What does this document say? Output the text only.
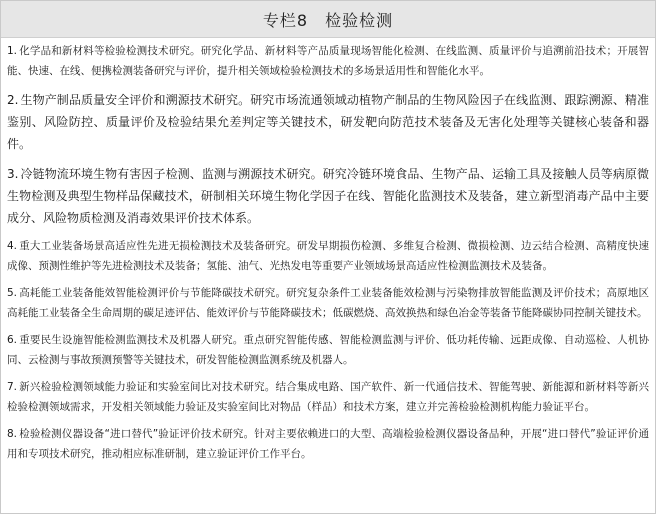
专栏8　检验检测

1. 化学品和新材料等检验检测技术研究。研究化学品、新材料等产品质量现场智能化检测、在线监测、质量评价与追溯前沿技术；开展智能、快速、在线、便携检测装备研究与评价，提升相关领域检验检测技术的多场景适用性和智能化水平。

2. 生物产制品质量安全评价和溯源技术研究。研究市场流通领域动植物产制品的生物风险因子在线监测、跟踪溯源、精准鉴别、风险防控、质量评价及检验结果允差判定等关键技术，研发靶向防范技术装备及无害化处理等关键核心装备和器件。

3. 冷链物流环境生物有害因子检测、监测与溯源技术研究。研究冷链环境食品、生物产品、运输工具及接触人员等病原微生物检测及典型生物样品保藏技术，研制相关环境生物化学因子在线、智能化监测技术及装备，建立新型消毒产品中主要成分、风险物质检测及消毒效果评价技术体系。

4. 重大工业装备场景高适应性先进无损检测技术及装备研究。研发早期损伤检测、多维复合检测、微损检测、边云结合检测、高精度快速成像、预测性维护等先进检测技术及装备；氢能、油气、光热发电等重要产业领域场景高适应性检测监测技术及装备。

5. 高耗能工业装备能效智能检测评价与节能降碳技术研究。研究复杂条件工业装备能效检测与污染物排放智能监测及评价技术；高原地区高耗能工业装备全生命周期的碳足迹评估、能效评价与节能降碳技术；低碳燃烧、高效换热和绿色冶金等装备节能降碳协同控制关键技术。

6. 重要民生设施智能检测监测技术及机器人研究。重点研究智能传感、智能检测监测与评价、低功耗传输、远距成像、自动巡检、人机协同、云检测与事故预测预警等关键技术，研发智能检测监测系统及机器人。

7. 新兴检验检测领域能力验证和实验室间比对技术研究。结合集成电路、国产软件、新一代通信技术、智能驾驶、新能源和新材料等新兴检验检测领域需求，开发相关领域能力验证及实验室间比对物品（样品）和技术方案，建立并完善检验检测机构能力验证平台。

8. 检验检测仪器设备“进口替代”验证评价技术研究。针对主要依赖进口的大型、高端检验检测仪器设备品种，开展“进口替代”验证评价通用和专项技术研究，推动相应标准研制，建立验证评价工作平台。
